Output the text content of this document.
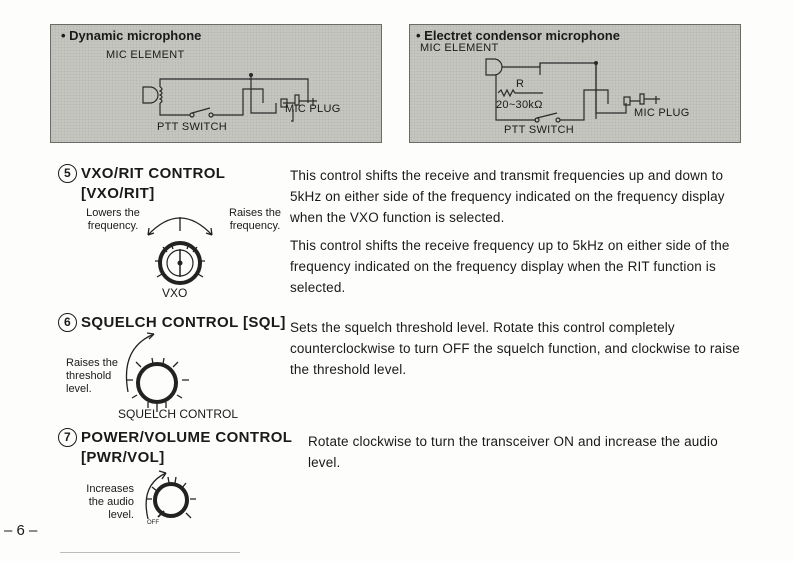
• Dynamic microphone
MIC ELEMENT
MIC PLUG
PTT SWITCH
• Electret condensor microphone
MIC ELEMENT
R
20~30kΩ
MIC PLUG
PTT SWITCH
5 VXO/RIT CONTROL
[VXO/RIT]
Lowers the frequency.
Raises the frequency.
VXO
This control shifts the receive and transmit frequencies up and down to 5kHz on either side of the frequency indicated on the frequency display when the VXO function is selected.
This control shifts the receive frequency up to 5kHz on either side of the frequency indicated on the frequency display when the RIT function is selected.
6 SQUELCH CONTROL [SQL]
Raises the threshold level.
SQUELCH CONTROL
Sets the squelch threshold level. Rotate this control completely counterclockwise to turn OFF the squelch function, and clockwise to raise the threshold level.
7 POWER/VOLUME CONTROL
[PWR/VOL]
Increases the audio level.
OFF
Rotate clockwise to turn the transceiver ON and increase the audio level.
– 6 –
